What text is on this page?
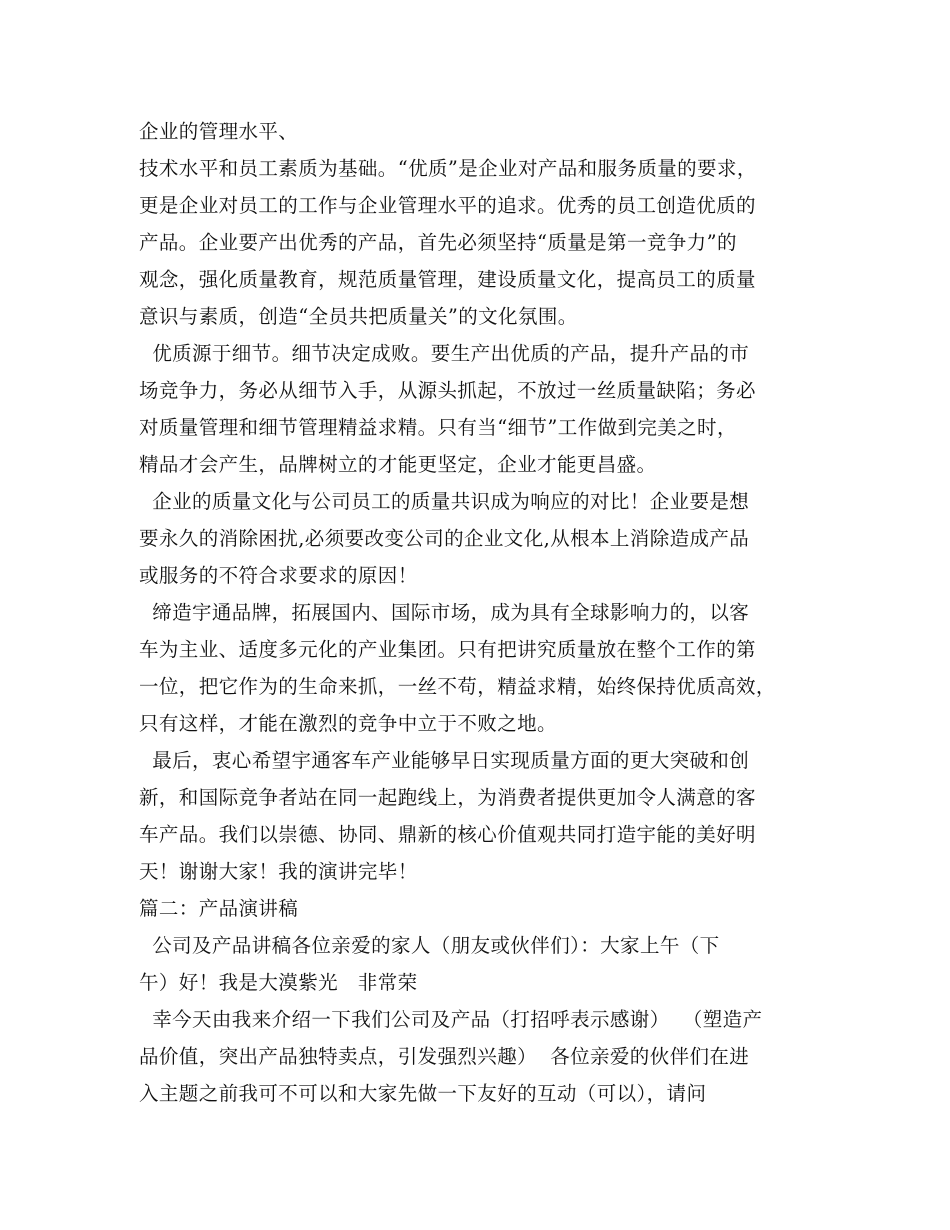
企业的管理水平、
技术水平和员工素质为基础。“优质”是企业对产品和服务质量的要求，
更是企业对员工的工作与企业管理水平的追求。优秀的员工创造优质的
产品。企业要产出优秀的产品，首先必须坚持“质量是第一竞争力”的
观念，强化质量教育，规范质量管理，建设质量文化，提高员工的质量
意识与素质，创造“全员共把质量关”的文化氛围。
优质源于细节。细节决定成败。要生产出优质的产品，提升产品的市
场竞争力，务必从细节入手，从源头抓起，不放过一丝质量缺陷；务必
对质量管理和细节管理精益求精。只有当“细节”工作做到完美之时，
精品才会产生，品牌树立的才能更坚定，企业才能更昌盛。
企业的质量文化与公司员工的质量共识成为响应的对比！企业要是想
要永久的消除困扰,必须要改变公司的企业文化,从根本上消除造成产品
或服务的不符合求要求的原因！
缔造宇通品牌，拓展国内、国际市场，成为具有全球影响力的，以客
车为主业、适度多元化的产业集团。只有把讲究质量放在整个工作的第
一位，把它作为的生命来抓，一丝不苟，精益求精，始终保持优质高效，
只有这样，才能在激烈的竞争中立于不败之地。
最后，衷心希望宇通客车产业能够早日实现质量方面的更大突破和创
新，和国际竞争者站在同一起跑线上，为消费者提供更加令人满意的客
车产品。我们以崇德、协同、鼎新的核心价值观共同打造宇能的美好明
天！谢谢大家！我的演讲完毕！
篇二：产品演讲稿
公司及产品讲稿各位亲爱的家人（朋友或伙伴们）：大家上午（下
午）好！我是大漠紫光   非常荣
幸今天由我来介绍一下我们公司及产品（打招呼表示感谢）  （塑造产
品价值，突出产品独特卖点，引发强烈兴趣）  各位亲爱的伙伴们在进
入主题之前我可不可以和大家先做一下友好的互动（可以），请问
